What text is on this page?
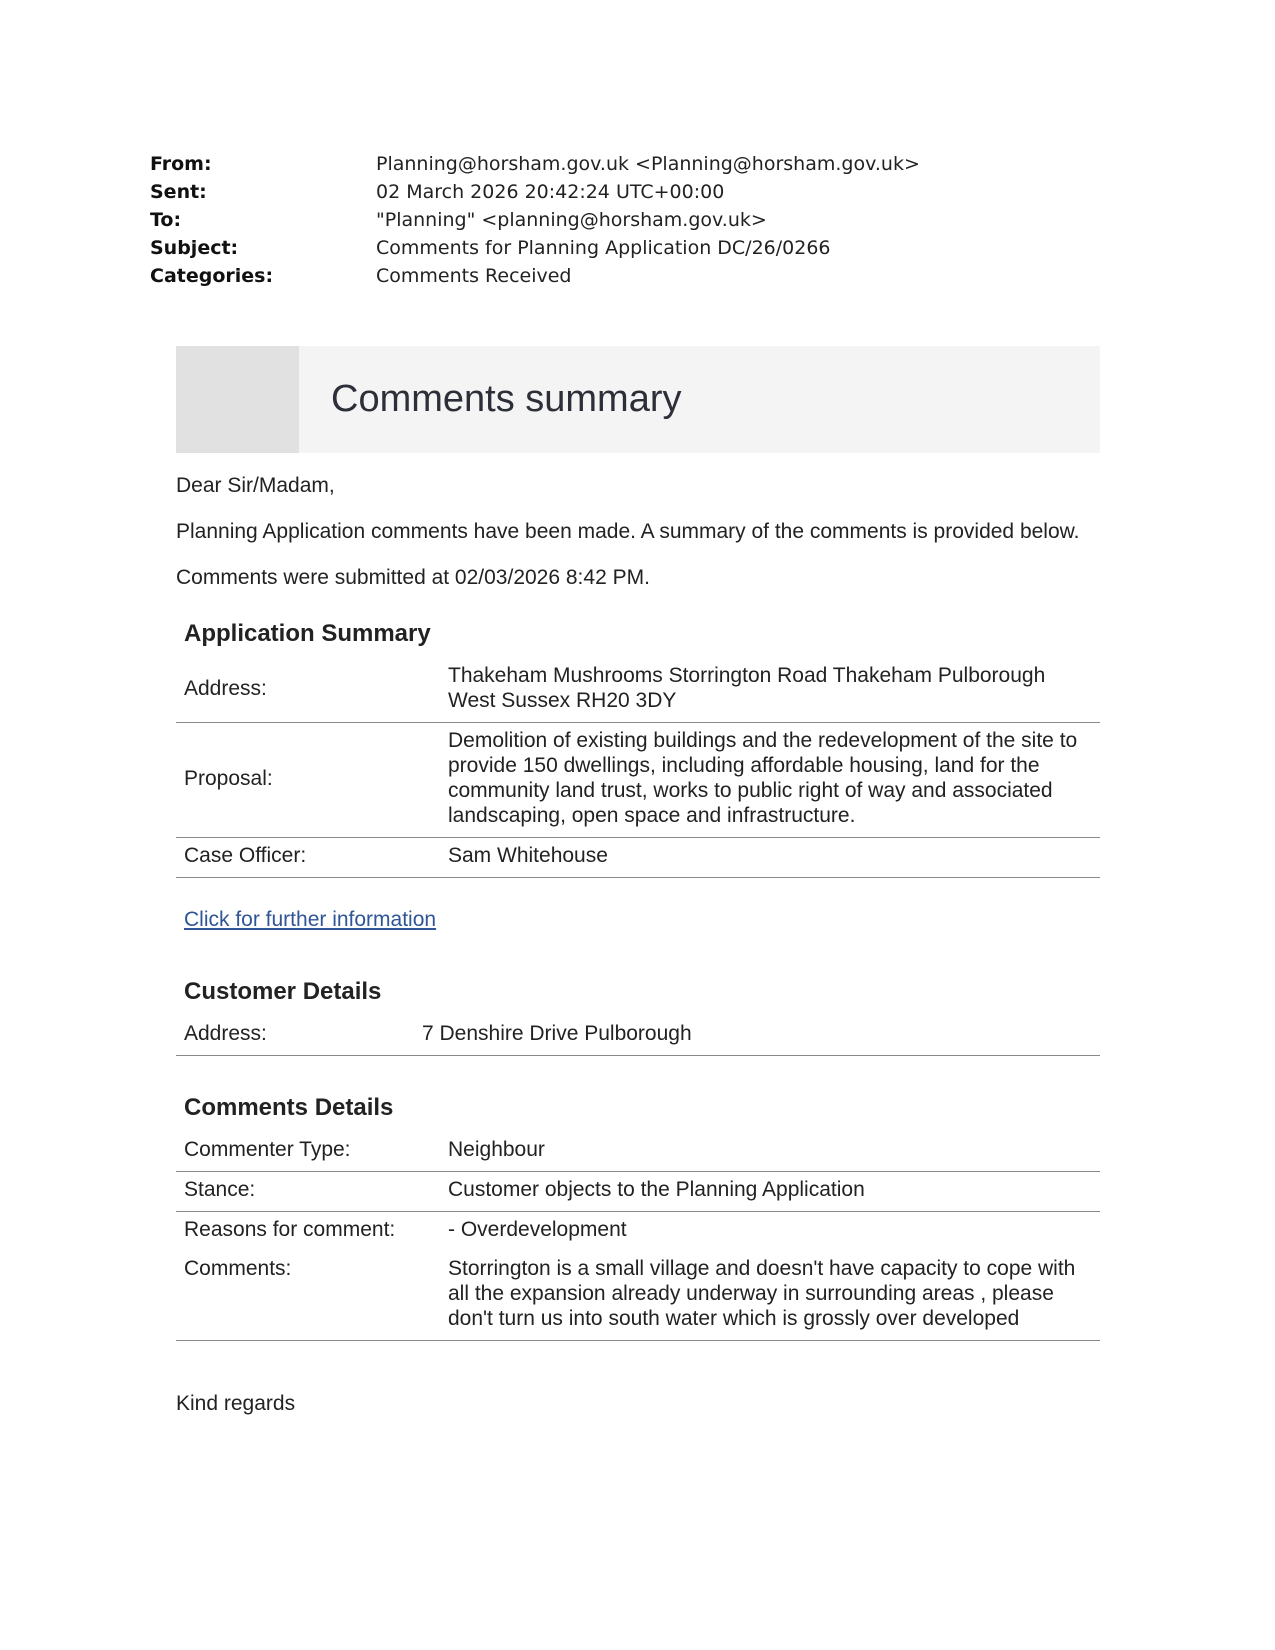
From:	Planning@horsham.gov.uk <Planning@horsham.gov.uk>
Sent:	02 March 2026 20:42:24 UTC+00:00
To:	"Planning" <planning@horsham.gov.uk>
Subject:	Comments for Planning Application DC/26/0266
Categories:	Comments Received
Comments summary

Dear Sir/Madam,

Planning Application comments have been made. A summary of the comments is provided below.

Comments were submitted at 02/03/2026 8:42 PM.

Application Summary
Address:	Thakeham Mushrooms Storrington Road Thakeham Pulborough West Sussex RH20 3DY
Proposal:	Demolition of existing buildings and the redevelopment of the site to provide 150 dwellings, including affordable housing, land for the community land trust, works to public right of way and associated landscaping, open space and infrastructure.
Case Officer:	Sam Whitehouse
Click for further information
Customer Details
Address:	7 Denshire Drive Pulborough
Comments Details
Commenter Type:	Neighbour
Stance:	Customer objects to the Planning Application
Reasons for comment:	- Overdevelopment
Comments:	Storrington is a small village and doesn't have capacity to cope with all the expansion already underway in surrounding areas , please don't turn us into south water which is grossly over developed

Kind regards
